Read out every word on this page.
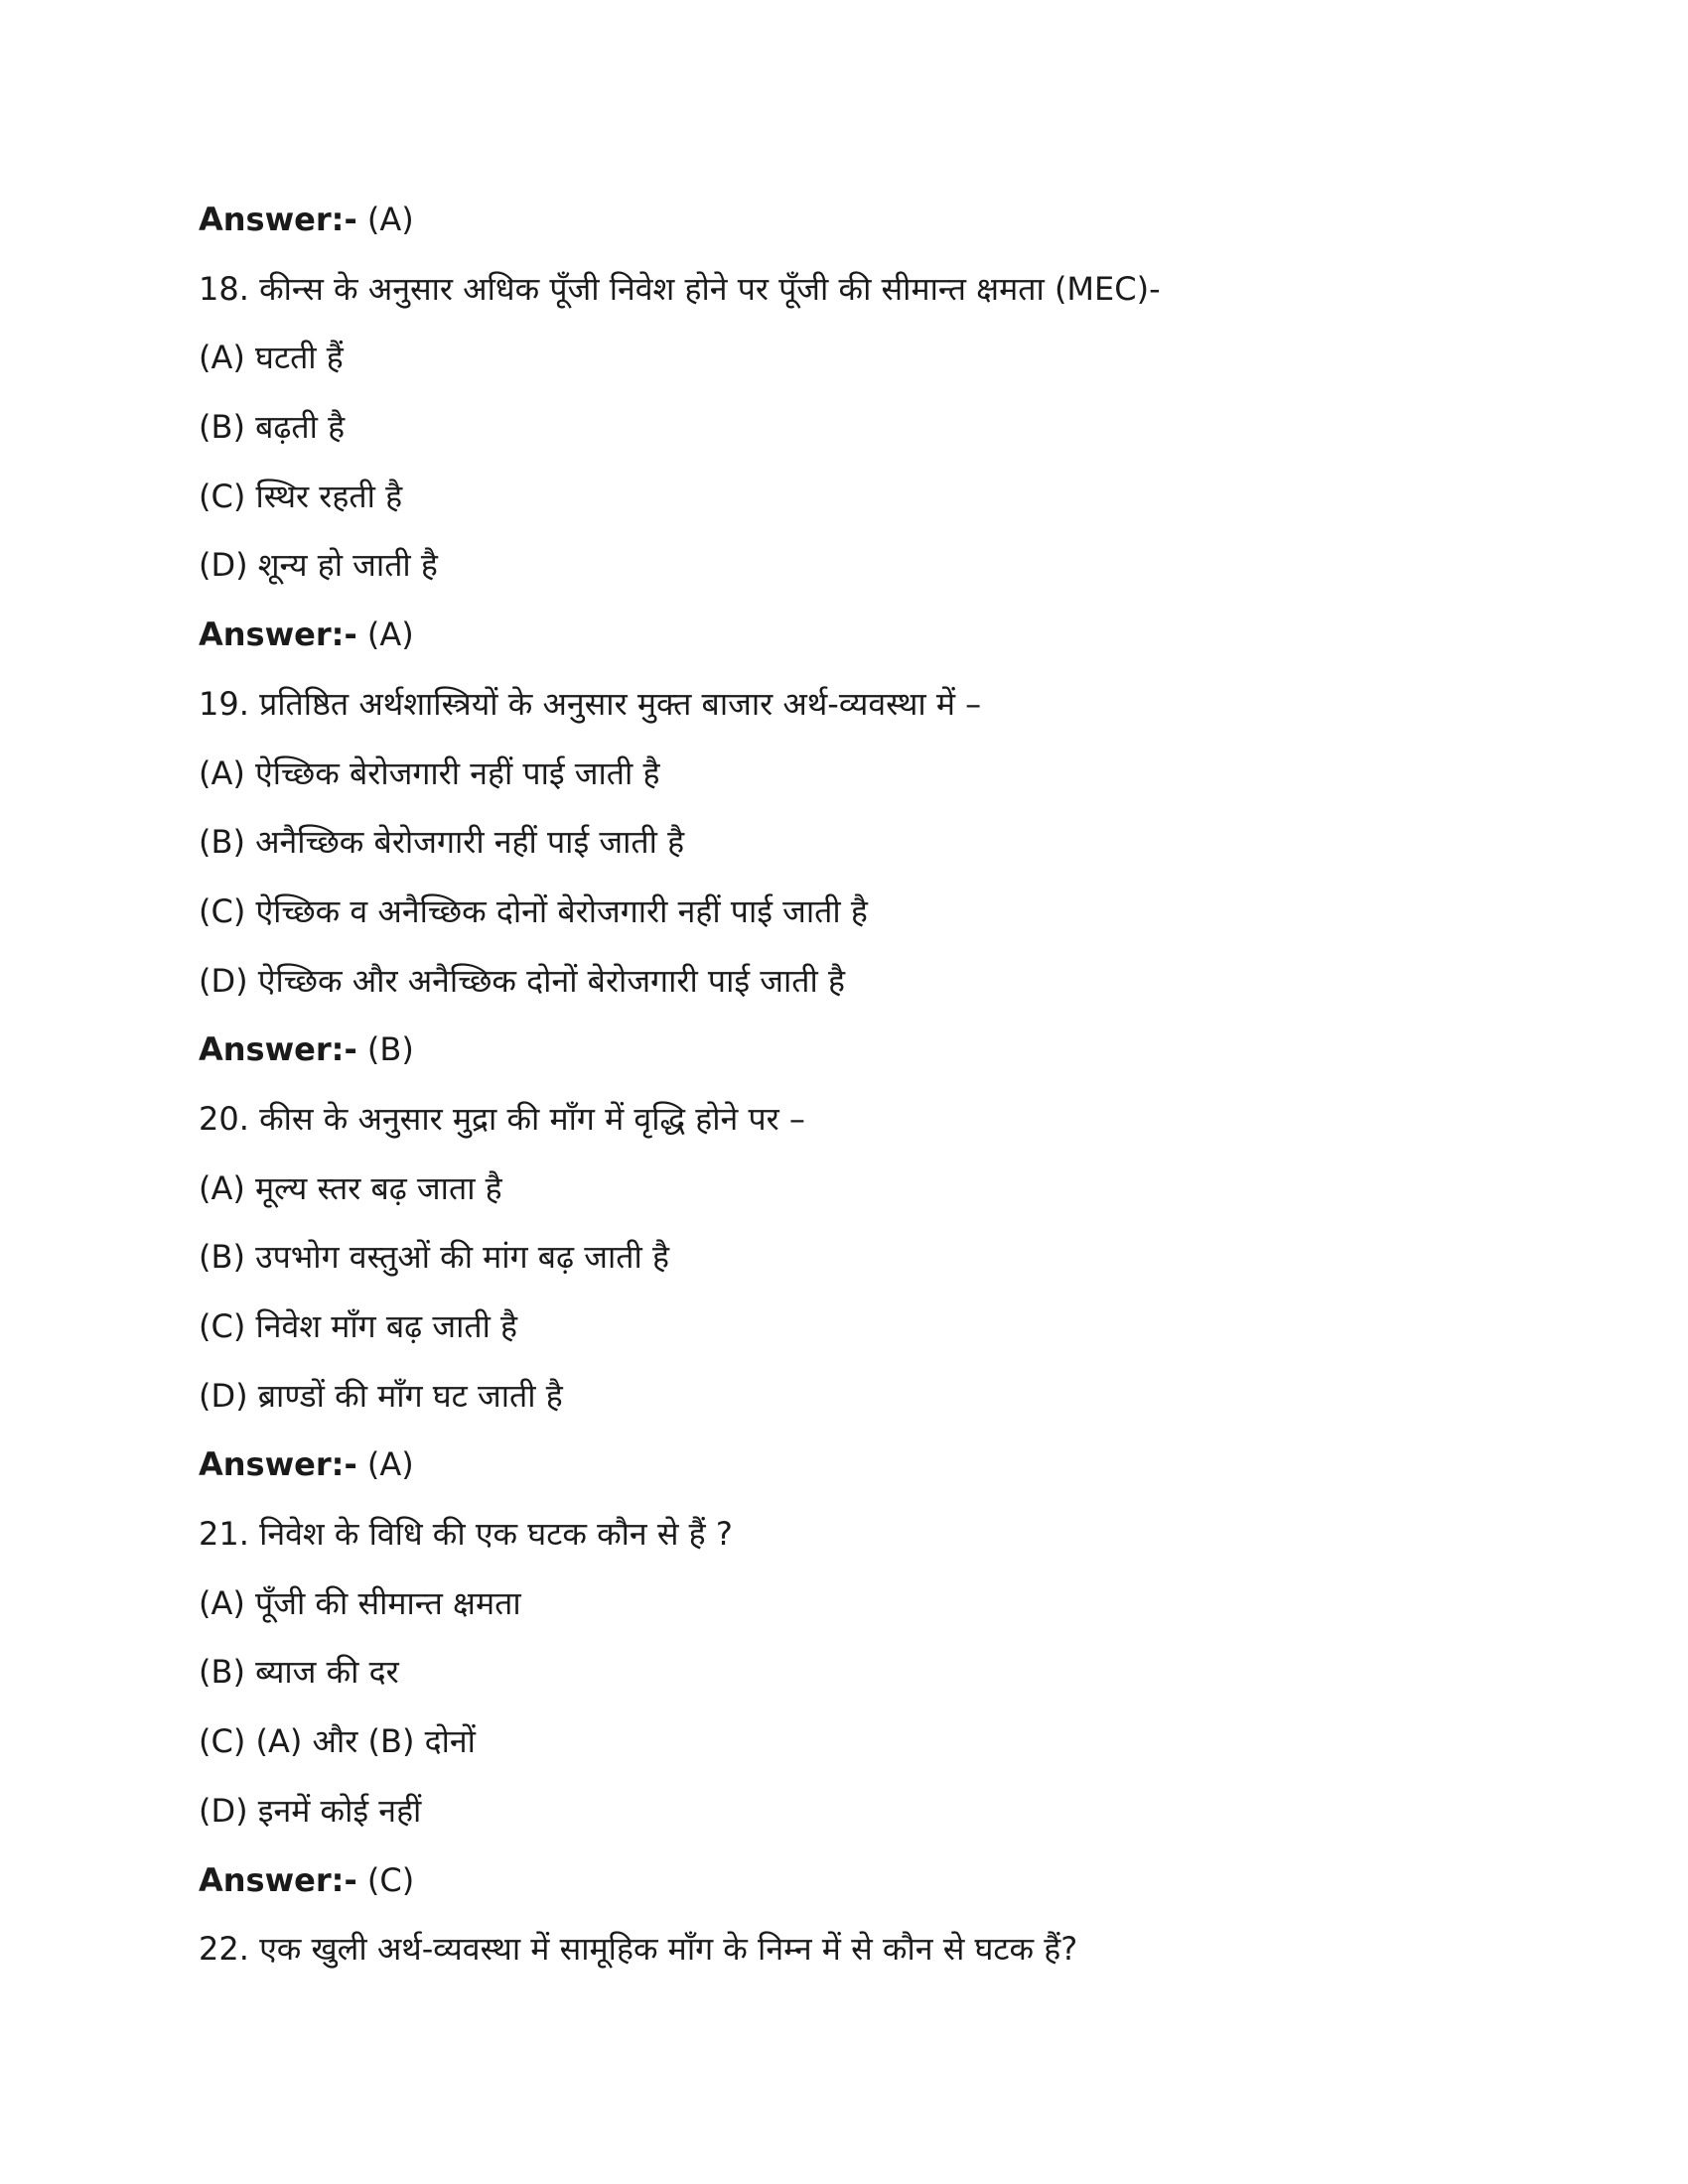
Answer:- (A)
18. कीन्स के अनुसार अधिक पूँजी निवेश होने पर पूँजी की सीमान्त क्षमता (MEC)-
(A) घटती हैं
(B) बढ़ती है
(C) स्थिर रहती है
(D) शून्य हो जाती है
Answer:- (A)
19. प्रतिष्ठित अर्थशास्त्रियों के अनुसार मुक्त बाजार अर्थ-व्यवस्था में –
(A) ऐच्छिक बेरोजगारी नहीं पाई जाती है
(B) अनैच्छिक बेरोजगारी नहीं पाई जाती है
(C) ऐच्छिक व अनैच्छिक दोनों बेरोजगारी नहीं पाई जाती है
(D) ऐच्छिक और अनैच्छिक दोनों बेरोजगारी पाई जाती है
Answer:- (B)
20. कीस के अनुसार मुद्रा की माँग में वृद्धि होने पर –
(A) मूल्य स्तर बढ़ जाता है
(B) उपभोग वस्तुओं की मांग बढ़ जाती है
(C) निवेश माँग बढ़ जाती है
(D) ब्राण्डों की माँग घट जाती है
Answer:- (A)
21. निवेश के विधि की एक घटक कौन से हैं ?
(A) पूँजी की सीमान्त क्षमता
(B) ब्याज की दर
(C) (A) और (B) दोनों
(D) इनमें कोई नहीं
Answer:- (C)
22. एक खुली अर्थ-व्यवस्था में सामूहिक माँग के निम्न में से कौन से घटक हैं?
